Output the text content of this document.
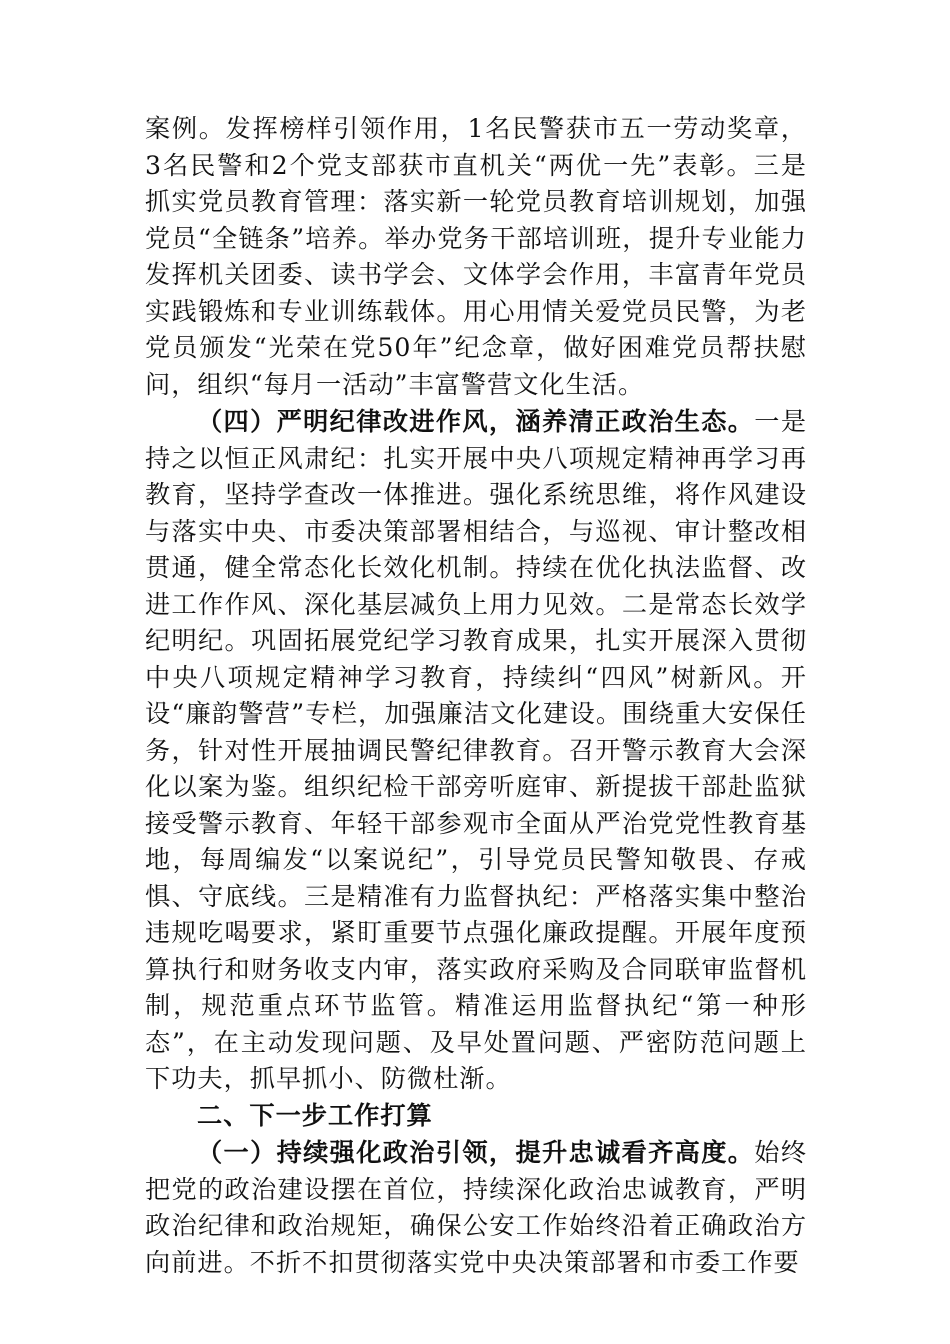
案例。发挥榜样引领作用，1名民警获市五一劳动奖章，3名民警和2个党支部获市直机关“两优一先”表彰。三是抓实党员教育管理：落实新一轮党员教育培训规划，加强党员“全链条”培养。举办党务干部培训班，提升专业能力发挥机关团委、读书学会、文体学会作用，丰富青年党员实践锻炼和专业训练载体。用心用情关爱党员民警，为老党员颁发“光荣在党50年”纪念章，做好困难党员帮扶慰问，组织“每月一活动”丰富警营文化生活。

（四）严明纪律改进作风，涵养清正政治生态。一是持之以恒正风肃纪：扎实开展中央八项规定精神再学习再教育，坚持学查改一体推进。强化系统思维，将作风建设与落实中央、市委决策部署相结合，与巡视、审计整改相贯通，健全常态化长效化机制。持续在优化执法监督、改进工作作风、深化基层减负上用力见效。二是常态长效学纪明纪。巩固拓展党纪学习教育成果，扎实开展深入贯彻中央八项规定精神学习教育，持续纠“四风”树新风。开设“廉韵警营”专栏，加强廉洁文化建设。围绕重大安保任务，针对性开展抽调民警纪律教育。召开警示教育大会深化以案为鉴。组织纪检干部旁听庭审、新提拔干部赴监狱接受警示教育、年轻干部参观市全面从严治党党性教育基地，每周编发“以案说纪”，引导党员民警知敬畏、存戒惧、守底线。三是精准有力监督执纪：严格落实集中整治违规吃喝要求，紧盯重要节点强化廉政提醒。开展年度预算执行和财务收支内审，落实政府采购及合同联审监督机制，规范重点环节监管。精准运用监督执纪“第一种形态”，在主动发现问题、及早处置问题、严密防范问题上下功夫，抓早抓小、防微杜渐。

二、下一步工作打算

（一）持续强化政治引领，提升忠诚看齐高度。始终把党的政治建设摆在首位，持续深化政治忠诚教育，严明政治纪律和政治规矩，确保公安工作始终沿着正确政治方向前进。不折不扣贯彻落实党中央决策部署和市委工作要
